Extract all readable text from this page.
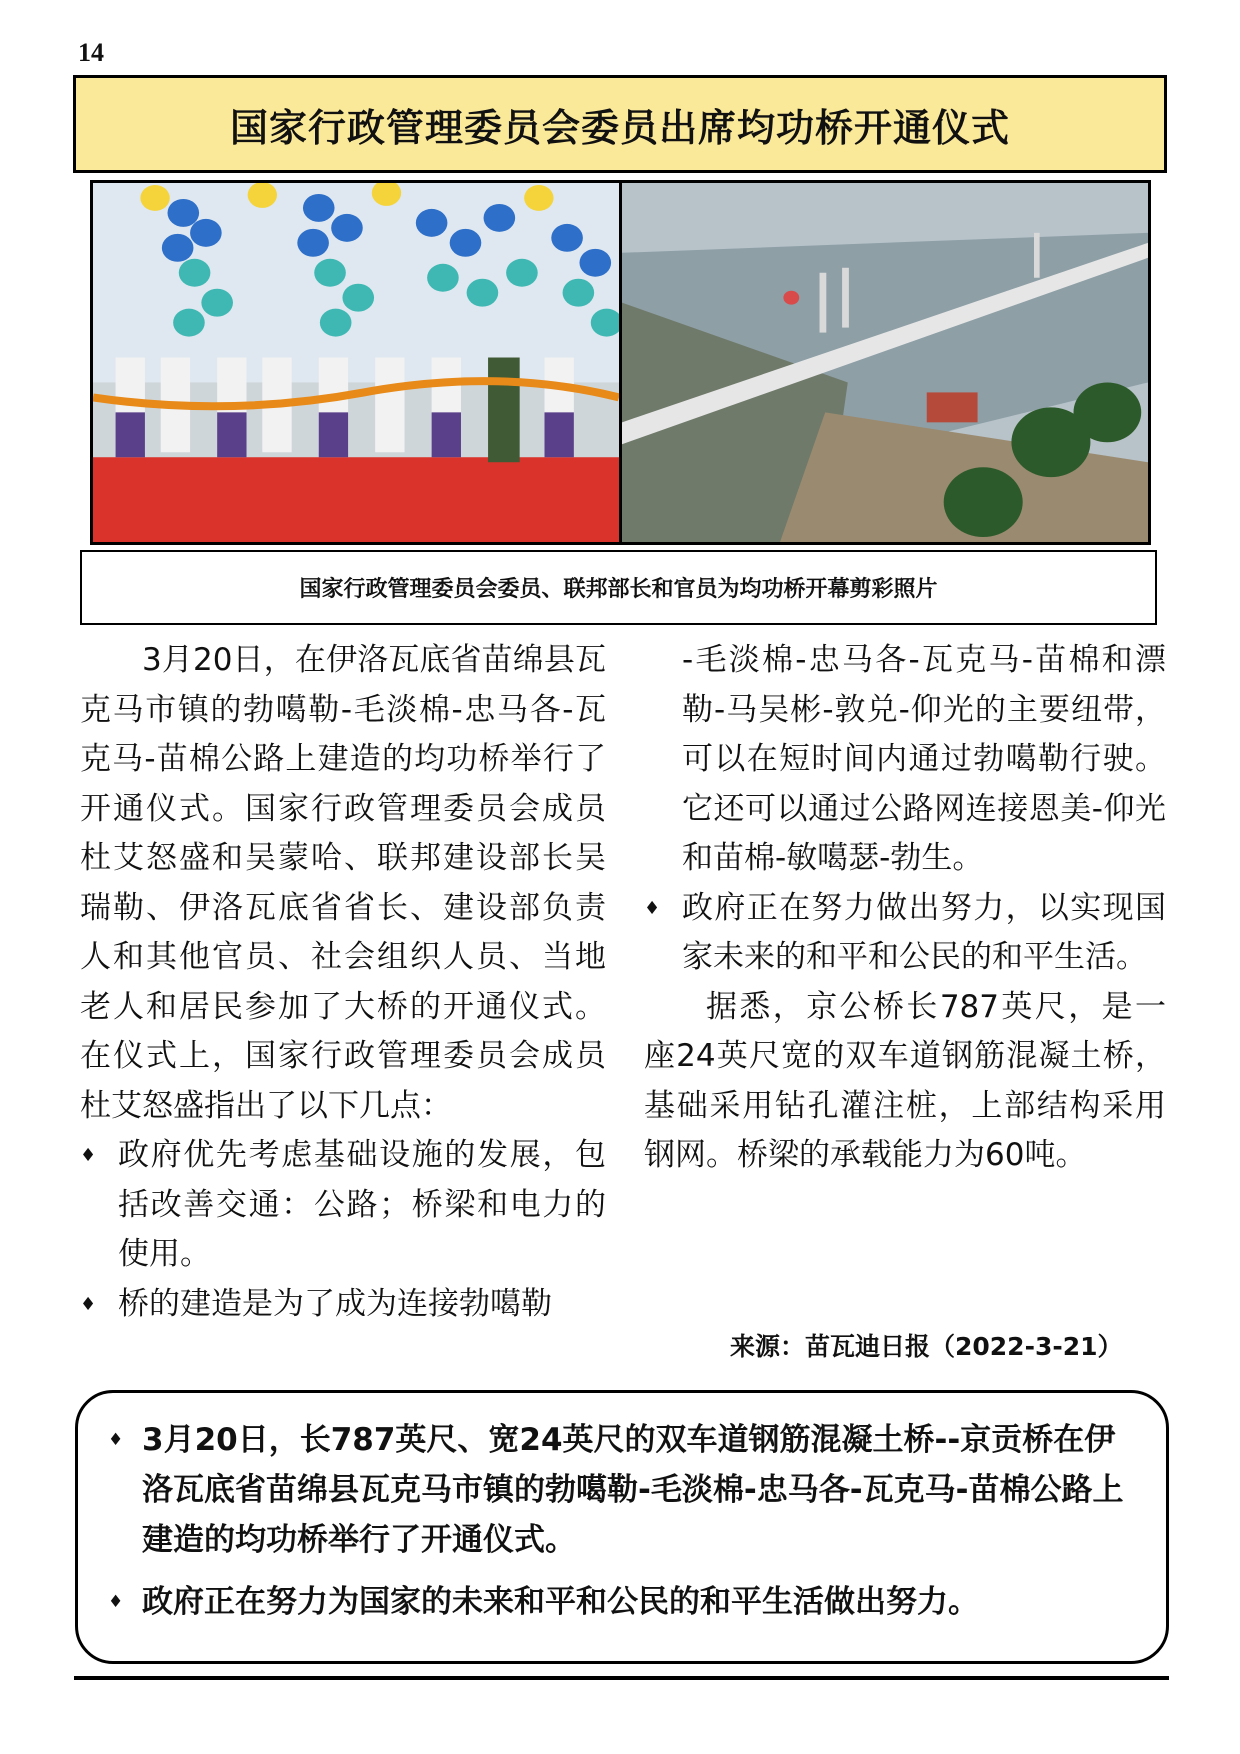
14
国家行政管理委员会委员出席均功桥开通仪式
国家行政管理委员会委员、联邦部长和官员为均功桥开幕剪彩照片

3月20日，在伊洛瓦底省苗绵县瓦克马市镇的勃噶勒-毛淡棉-忠马各-瓦克马-苗棉公路上建造的均功桥举行了开通仪式。国家行政管理委员会成员杜艾怒盛和吴蒙哈、联邦建设部长吴瑞勒、伊洛瓦底省省长、建设部负责人和其他官员、社会组织人员、当地老人和居民参加了大桥的开通仪式。在仪式上，国家行政管理委员会成员杜艾怒盛指出了以下几点：

♦ 政府优先考虑基础设施的发展，包括改善交通：公路；桥梁和电力的使用。

♦ 桥的建造是为了成为连接勃噶勒

-毛淡棉-忠马各-瓦克马-苗棉和漂勒-马吴彬-敦兑-仰光的主要纽带，可以在短时间内通过勃噶勒行驶。它还可以通过公路网连接恩美-仰光和苗棉-敏噶瑟-勃生。

♦ 政府正在努力做出努力，以实现国家未来的和平和公民的和平生活。

据悉，京公桥长787英尺，是一座24英尺宽的双车道钢筋混凝土桥，基础采用钻孔灌注桩，上部结构采用钢网。桥梁的承载能力为60吨。

来源：苗瓦迪日报（2022-3-21）
♦ 3月20日，长787英尺、宽24英尺的双车道钢筋混凝土桥--京贡桥在伊洛瓦底省苗绵县瓦克马市镇的勃噶勒-毛淡棉-忠马各-瓦克马-苗棉公路上建造的均功桥举行了开通仪式。
♦ 政府正在努力为国家的未来和平和公民的和平生活做出努力。
